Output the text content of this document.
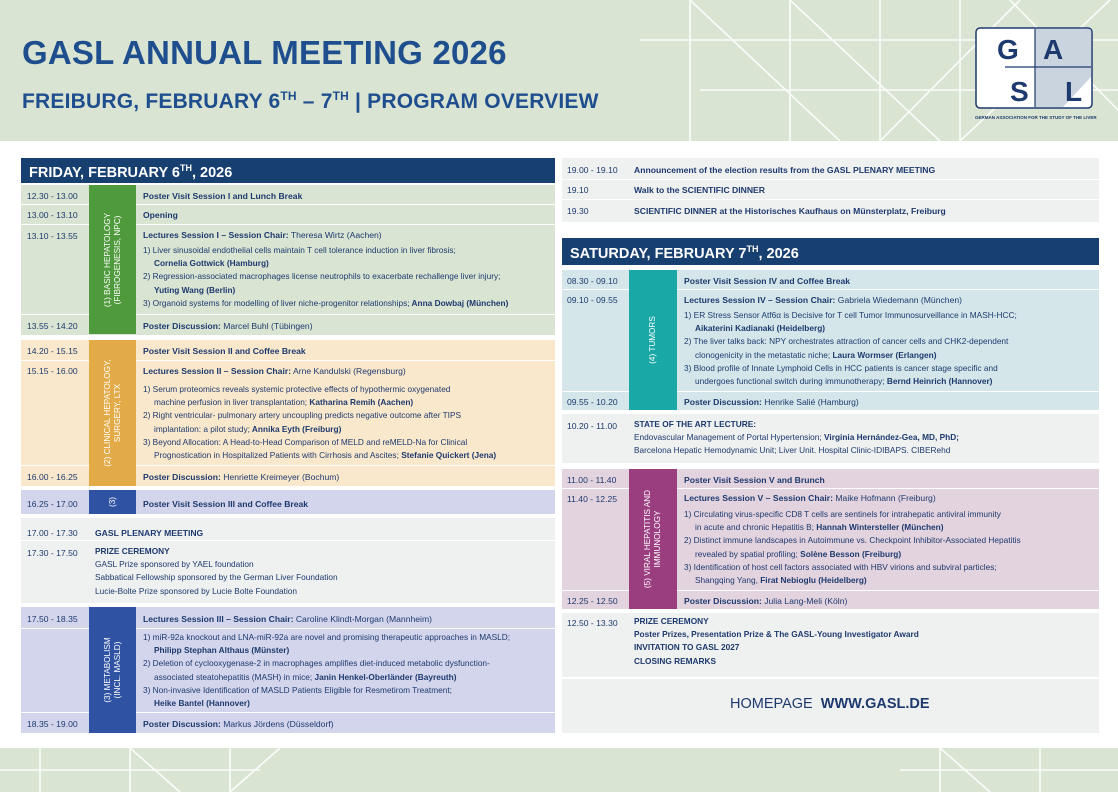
GASL ANNUAL MEETING 2026
FREIBURG, FEBRUARY 6TH – 7TH | PROGRAM OVERVIEW
G A
S L
GERMAN ASSOCIATION FOR THE STUDY OF THE LIVER
FRIDAY, FEBRUARY 6TH, 2026
(1) BASIC HEPATOLOGY
(FIBROGENESIS, NPC)
12.30 - 13.00	Poster Visit Session I and Lunch Break
13.00 - 13.10	Opening
13.10 - 13.55	Lectures Session I – Session Chair: Theresa Wirtz (Aachen)
1) Liver sinusoidal endothelial cells maintain T cell tolerance induction in liver fibrosis;
Cornelia Gottwick (Hamburg)
2) Regression-associated macrophages license neutrophils to exacerbate rechallenge liver injury;
Yuting Wang (Berlin)
3) Organoid systems for modelling of liver niche-progenitor relationships; Anna Dowbaj (München)
13.55 - 14.20	Poster Discussion: Marcel Buhl (Tübingen)
(2) CLINICAL HEPATOLOGY,
SURGERY, LTX
14.20 - 15.15	Poster Visit Session II and Coffee Break
15.15 - 16.00	Lectures Session II – Session Chair: Arne Kandulski (Regensburg)
1) Serum proteomics reveals systemic protective effects of hypothermic oxygenated
machine perfusion in liver transplantation; Katharina Remih (Aachen)
2) Right ventricular- pulmonary artery uncoupling predicts negative outcome after TIPS
implantation: a pilot study; Annika Eyth (Freiburg)
3) Beyond Allocation: A Head-to-Head Comparison of MELD and reMELD-Na for Clinical
Prognostication in Hospitalized Patients with Cirrhosis and Ascites; Stefanie Quickert (Jena)
16.00 - 16.25	Poster Discussion: Henriette Kreimeyer (Bochum)
(3)
16.25 - 17.00	Poster Visit Session III and Coffee Break
17.00 - 17.30 GASL PLENARY MEETING
17.30 - 17.50 PRIZE CEREMONY
GASL Prize sponsored by YAEL foundation
Sabbatical Fellowship sponsored by the German Liver Foundation
Lucie-Bolte Prize sponsored by Lucie Bolte Foundation
(3) METABOLISM
(INCL. MASLD)
17.50 - 18.35	Lectures Session III – Session Chair: Caroline Klindt-Morgan (Mannheim)
1) miR-92a knockout and LNA-miR-92a are novel and promising therapeutic approaches in MASLD;
Philipp Stephan Althaus (Münster)
2) Deletion of cyclooxygenase-2 in macrophages amplifies diet-induced metabolic dysfunction-
associated steatohepatitis (MASH) in mice; Janin Henkel-Oberländer (Bayreuth)
3) Non-invasive Identification of MASLD Patients Eligible for Resmetirom Treatment;
Heike Bantel (Hannover)
18.35 - 19.00	Poster Discussion: Markus Jördens (Düsseldorf)
19.00 - 19.10 Announcement of the election results from the GASL PLENARY MEETING
19.10	Walk to the SCIENTIFIC DINNER
19.30	SCIENTIFIC DINNER at the Historisches Kaufhaus on Münsterplatz, Freiburg
SATURDAY, FEBRUARY 7TH, 2026
(4) TUMORS
08.30 - 09.10	Poster Visit Session IV and Coffee Break
09.10 - 09.55	Lectures Session IV – Session Chair: Gabriela Wiedemann (München)
1) ER Stress Sensor Atf6α is Decisive for T cell Tumor Immunosurveillance in MASH-HCC;
Aikaterini Kadianaki (Heidelberg)
2) The liver talks back: NPY orchestrates attraction of cancer cells and CHK2-dependent
clonogenicity in the metastatic niche; Laura Wormser (Erlangen)
3) Blood profile of Innate Lymphoid Cells in HCC patients is cancer stage specific and
undergoes functional switch during immunotherapy; Bernd Heinrich (Hannover)
09.55 - 10.20	Poster Discussion: Henrike Salié (Hamburg)
10.20 - 11.00 STATE OF THE ART LECTURE:
Endovascular Management of Portal Hypertension; Virginia Hernández-Gea, MD, PhD;
Barcelona Hepatic Hemodynamic Unit; Liver Unit. Hospital Clinic-IDIBAPS. CIBERehd
(5) VIRAL HEPATITIS AND
IMMUNOLOGY
11.00 - 11.40	Poster Visit Session V and Brunch
11.40 - 12.25	Lectures Session V – Session Chair: Maike Hofmann (Freiburg)
1) Circulating virus-specific CD8 T cells are sentinels for intrahepatic antiviral immunity
in acute and chronic Hepatitis B; Hannah Wintersteller (München)
2) Distinct immune landscapes in Autoimmune vs. Checkpoint Inhibitor-Associated Hepatitis
revealed by spatial profiling; Solène Besson (Freiburg)
3) Identification of host cell factors associated with HBV virions and subviral particles;
Shangqing Yang, Firat Nebioglu (Heidelberg)
12.25 - 12.50	Poster Discussion: Julia Lang-Meli (Köln)
12.50 - 13.30 PRIZE CEREMONY
Poster Prizes, Presentation Prize & The GASL-Young Investigator Award
INVITATION TO GASL 2027
CLOSING REMARKS
HOMEPAGE WWW.GASL.DE
